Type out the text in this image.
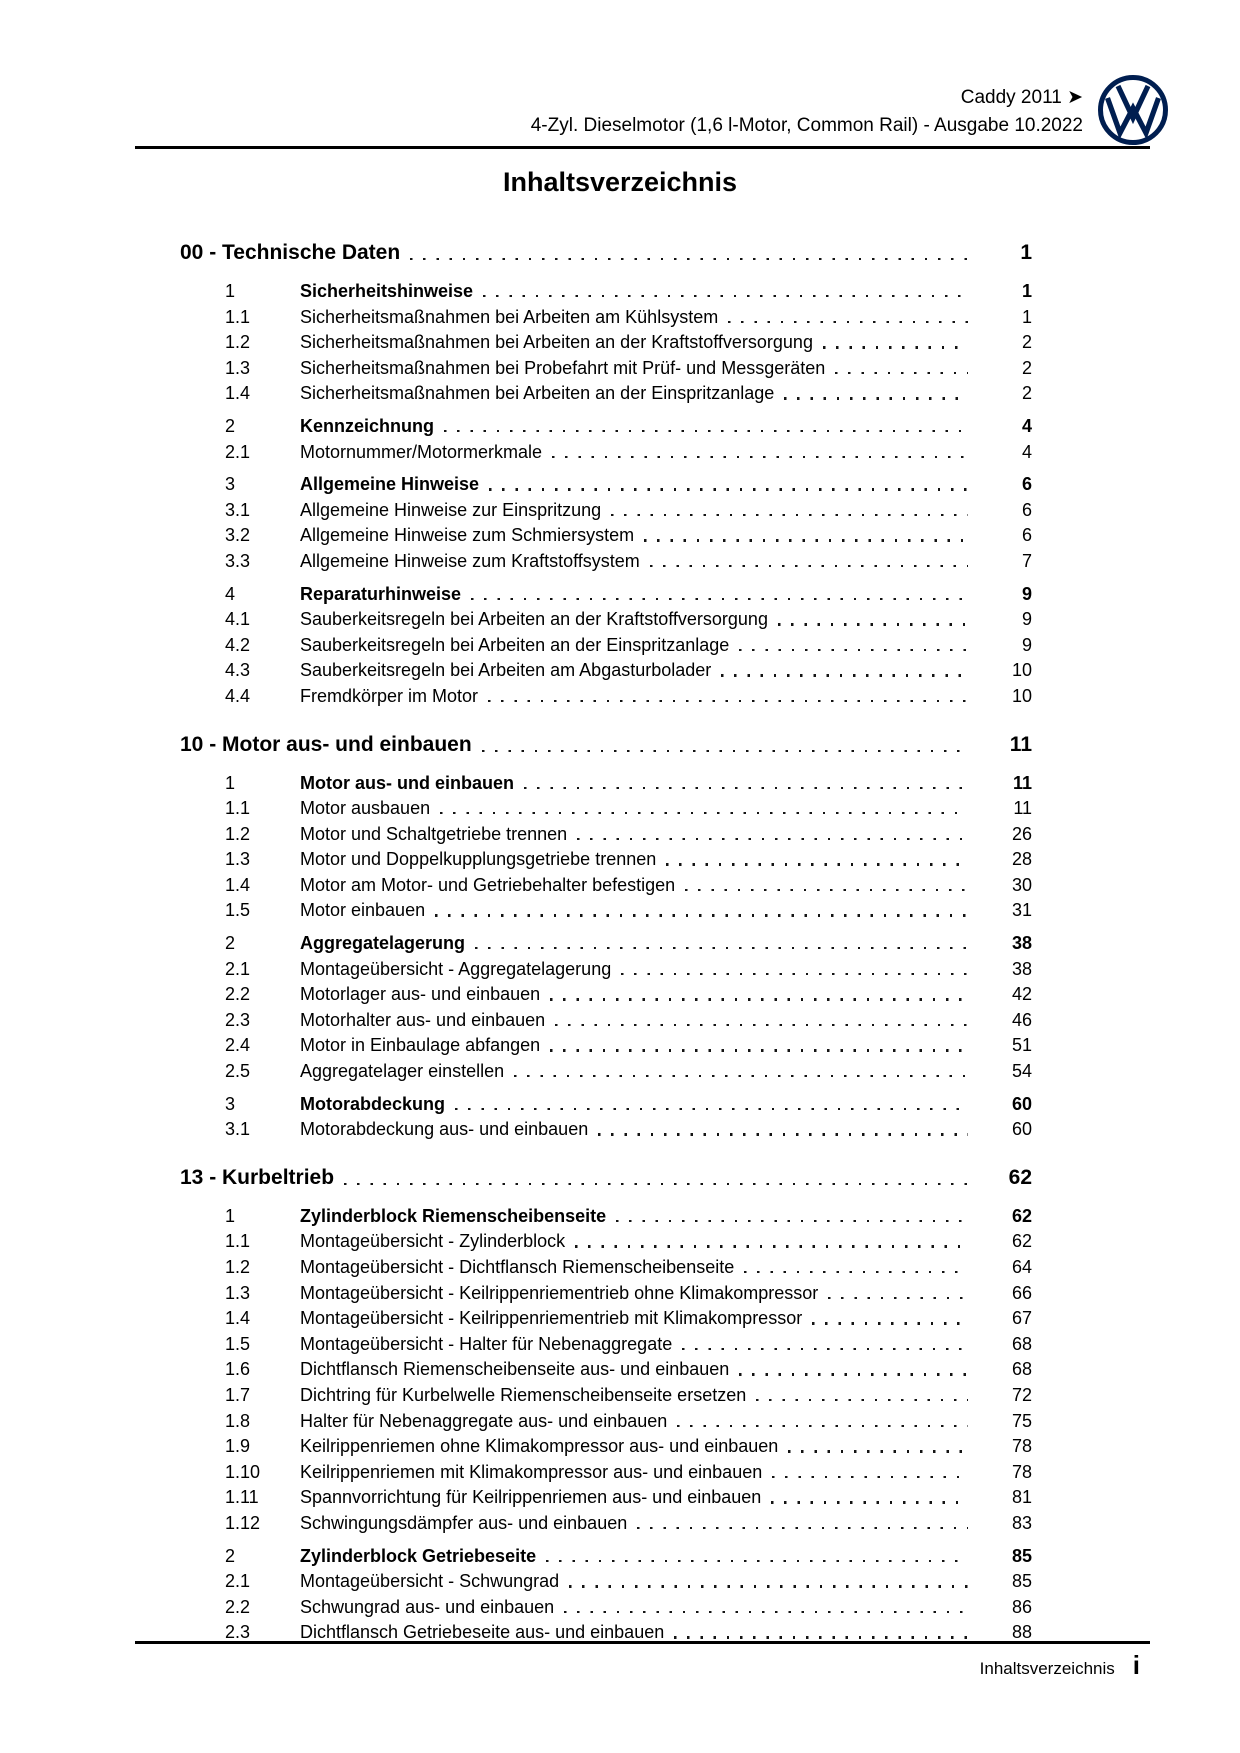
Caddy 2011 ➤
4-Zyl. Dieselmotor (1,6 l-Motor, Common Rail) - Ausgabe 10.2022
Inhaltsverzeichnis
00 - Technische Daten	1
1	Sicherheitshinweise	1
1.1	Sicherheitsmaßnahmen bei Arbeiten am Kühlsystem	1
1.2	Sicherheitsmaßnahmen bei Arbeiten an der Kraftstoffversorgung	2
1.3	Sicherheitsmaßnahmen bei Probefahrt mit Prüf- und Messgeräten	2
1.4	Sicherheitsmaßnahmen bei Arbeiten an der Einspritzanlage	2
2	Kennzeichnung	4
2.1	Motornummer/Motormerkmale	4
3	Allgemeine Hinweise	6
3.1	Allgemeine Hinweise zur Einspritzung	6
3.2	Allgemeine Hinweise zum Schmiersystem	6
3.3	Allgemeine Hinweise zum Kraftstoffsystem	7
4	Reparaturhinweise	9
4.1	Sauberkeitsregeln bei Arbeiten an der Kraftstoffversorgung	9
4.2	Sauberkeitsregeln bei Arbeiten an der Einspritzanlage	9
4.3	Sauberkeitsregeln bei Arbeiten am Abgasturbolader	10
4.4	Fremdkörper im Motor	10
10 - Motor aus- und einbauen	11
1	Motor aus- und einbauen	11
1.1	Motor ausbauen	11
1.2	Motor und Schaltgetriebe trennen	26
1.3	Motor und Doppelkupplungsgetriebe trennen	28
1.4	Motor am Motor- und Getriebehalter befestigen	30
1.5	Motor einbauen	31
2	Aggregatelagerung	38
2.1	Montageübersicht - Aggregatelagerung	38
2.2	Motorlager aus- und einbauen	42
2.3	Motorhalter aus- und einbauen	46
2.4	Motor in Einbaulage abfangen	51
2.5	Aggregatelager einstellen	54
3	Motorabdeckung	60
3.1	Motorabdeckung aus- und einbauen	60
13 - Kurbeltrieb	62
1	Zylinderblock Riemenscheibenseite	62
1.1	Montageübersicht - Zylinderblock	62
1.2	Montageübersicht - Dichtflansch Riemenscheibenseite	64
1.3	Montageübersicht - Keilrippenriementrieb ohne Klimakompressor	66
1.4	Montageübersicht - Keilrippenriementrieb mit Klimakompressor	67
1.5	Montageübersicht - Halter für Nebenaggregate	68
1.6	Dichtflansch Riemenscheibenseite aus- und einbauen	68
1.7	Dichtring für Kurbelwelle Riemenscheibenseite ersetzen	72
1.8	Halter für Nebenaggregate aus- und einbauen	75
1.9	Keilrippenriemen ohne Klimakompressor aus- und einbauen	78
1.10	Keilrippenriemen mit Klimakompressor aus- und einbauen	78
1.11	Spannvorrichtung für Keilrippenriemen aus- und einbauen	81
1.12	Schwingungsdämpfer aus- und einbauen	83
2	Zylinderblock Getriebeseite	85
2.1	Montageübersicht - Schwungrad	85
2.2	Schwungrad aus- und einbauen	86
2.3	Dichtflansch Getriebeseite aus- und einbauen	88
Inhaltsverzeichnis i
